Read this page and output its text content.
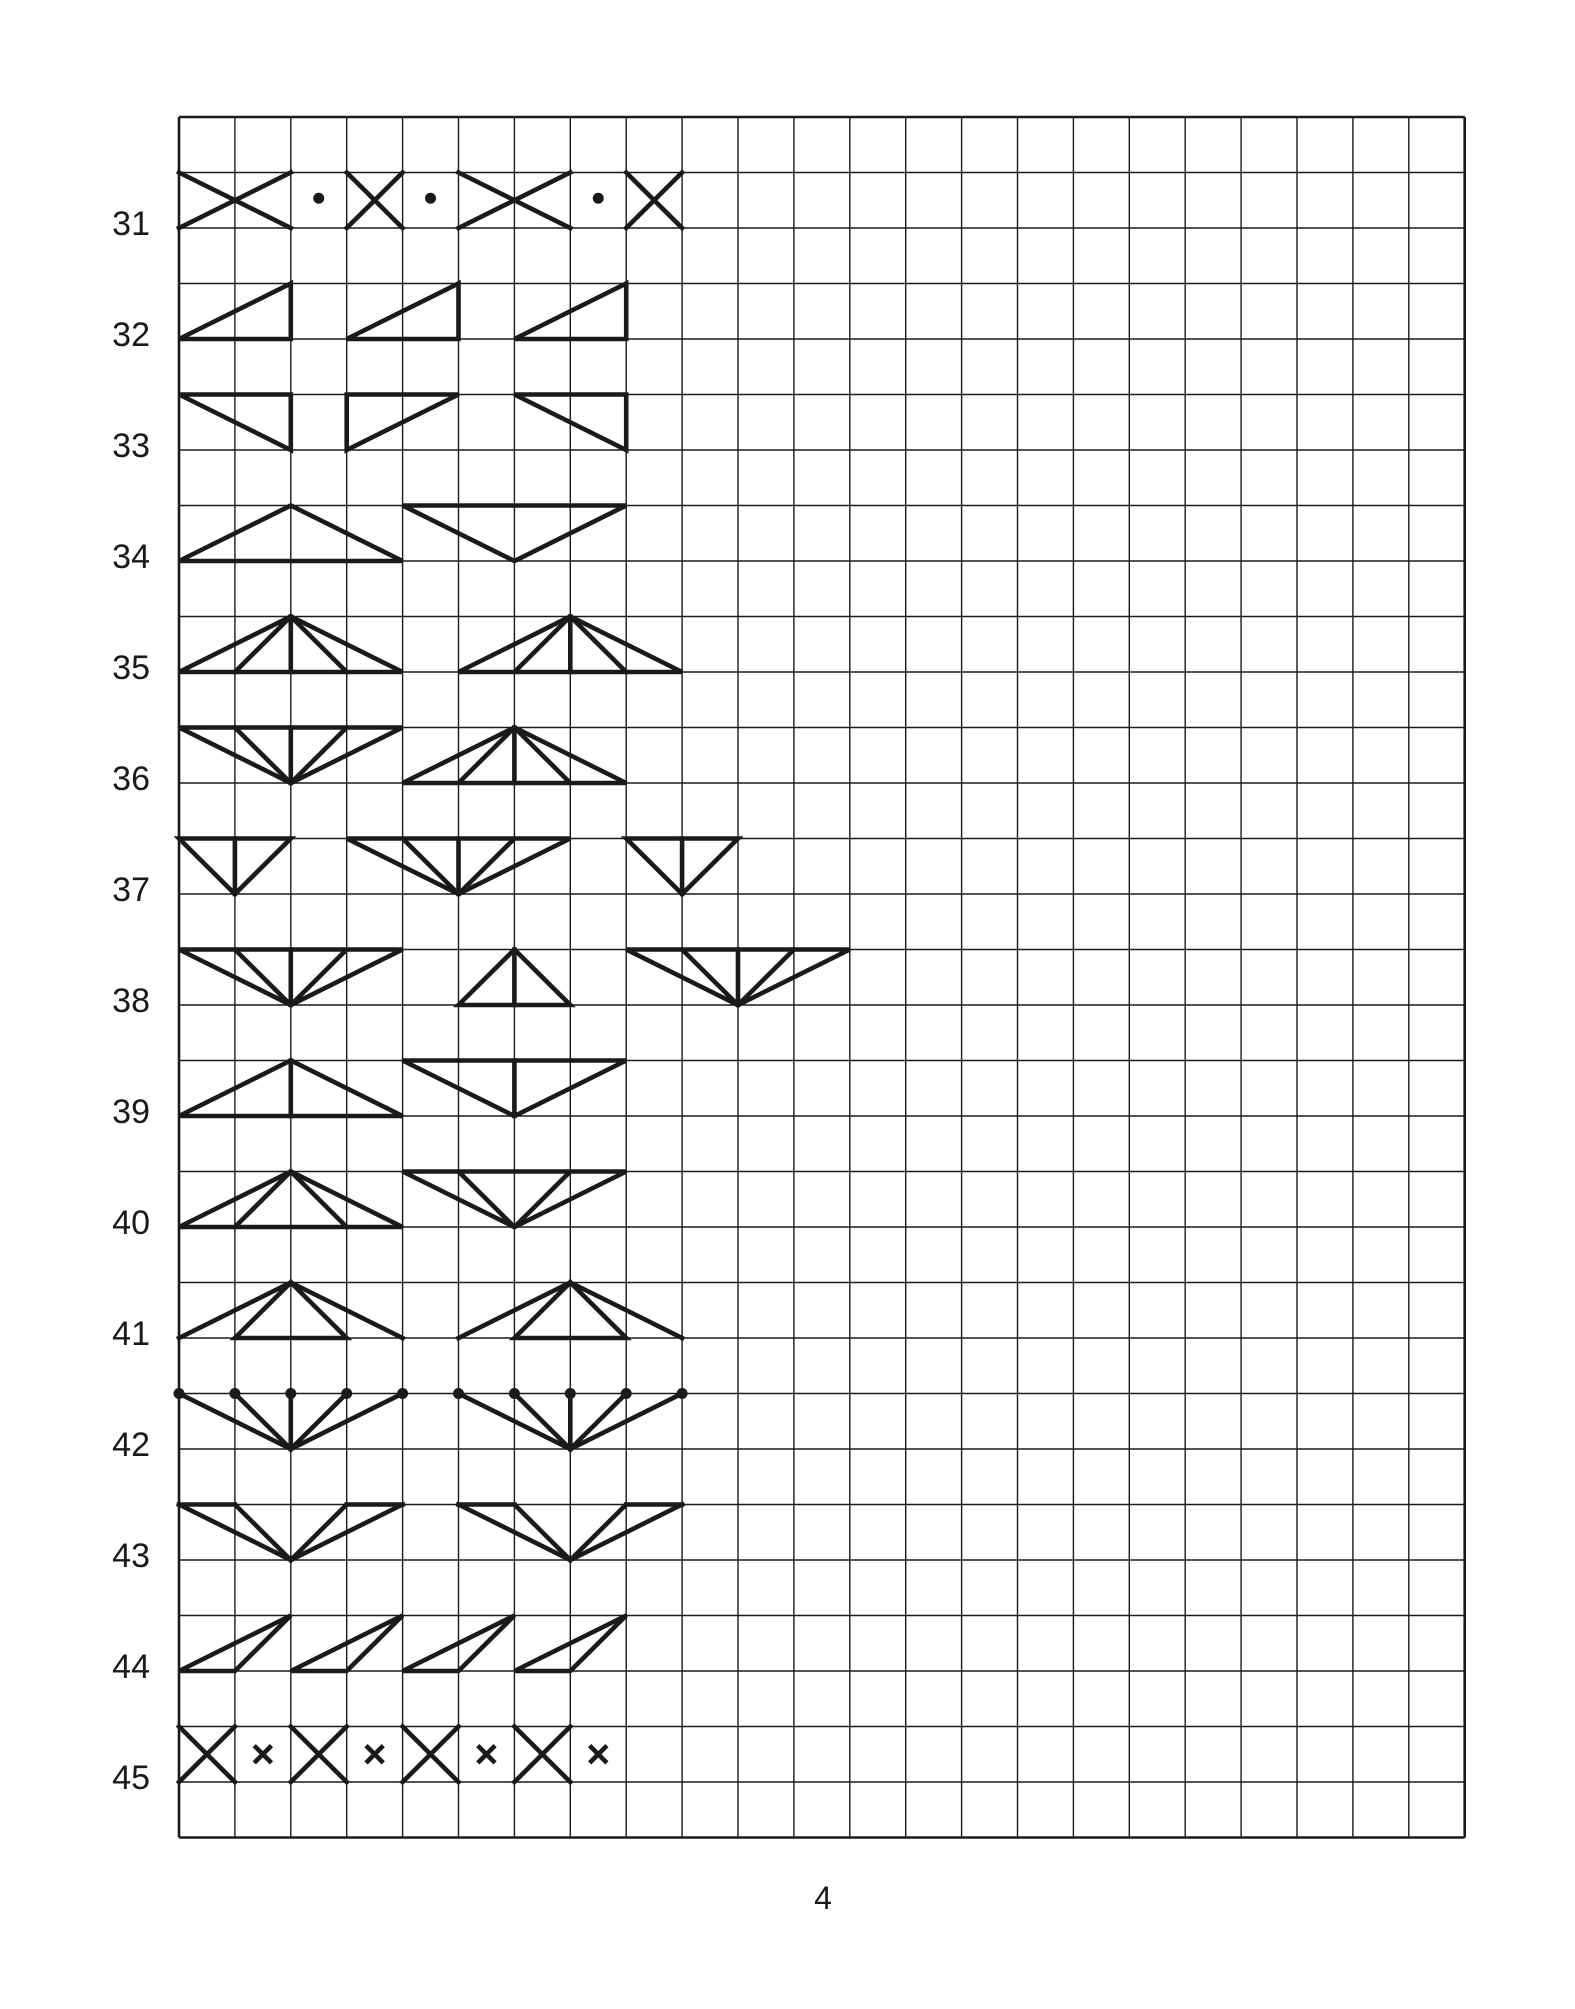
31
32
33
34
35
36
37
38
39
40
41
42
43
44
45
4
